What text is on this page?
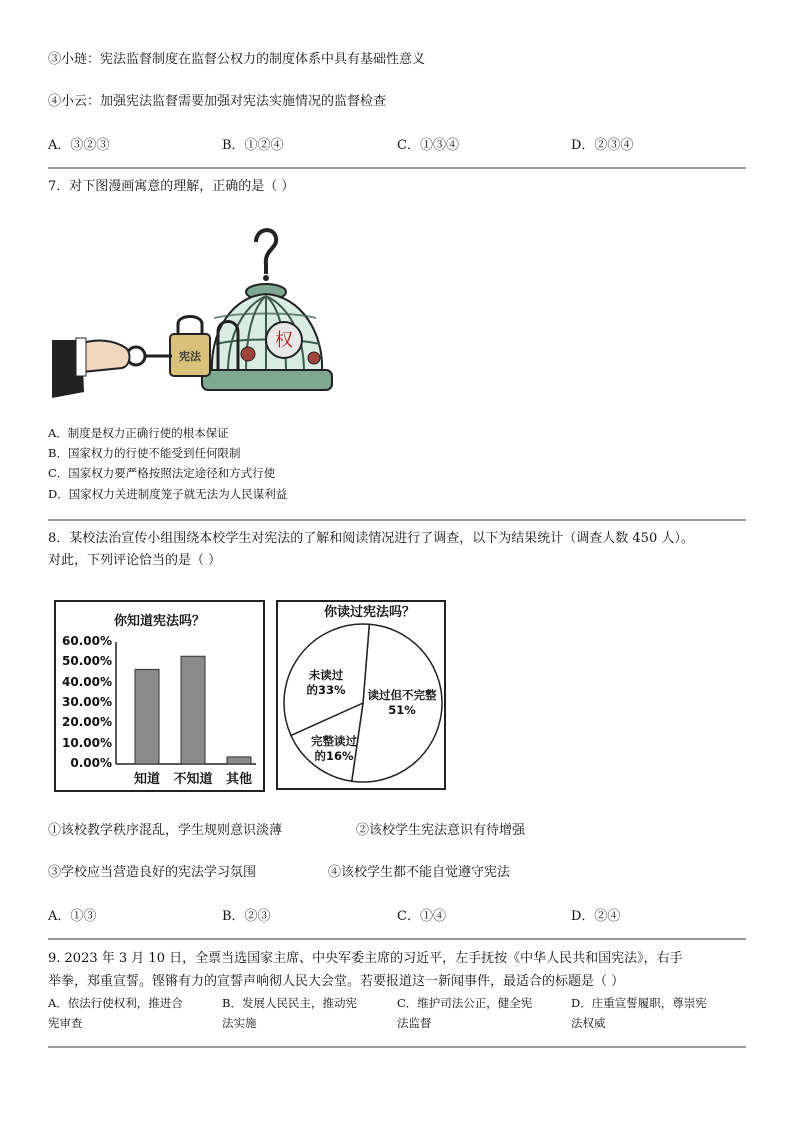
③小琏：宪法监督制度在监督公权力的制度体系中具有基础性意义
④小云：加强宪法监督需要加强对宪法实施情况的监督检查
A．③②③	B．①②④	C．①③④	D．②③④
7．对下图漫画寓意的理解，正确的是（ ）
权
宪法
A．制度是权力正确行使的根本保证
B．国家权力的行使不能受到任何限制
C．国家权力要严格按照法定途径和方式行使
D．国家权力关进制度笼子就无法为人民谋利益
8．某校法治宣传小组围绕本校学生对宪法的了解和阅读情况进行了调查，以下为结果统计（调查人数 450 人）。
对此，下列评论恰当的是（ ）
你知道宪法吗？
0.00%
10.00%
20.00%
30.00%
40.00%
50.00%
60.00%
知道	不知道	其他
你读过宪法吗？
未读过
的33%	读过但不完整
51%
完整读过
的16%
①该校教学秩序混乱，学生规则意识淡薄	②该校学生宪法意识有待增强
③学校应当营造良好的宪法学习氛围	④该校学生都不能自觉遵守宪法
A．①③	B．②③	C．①④	D．②④
9. 2023 年 3 月 10 日，全票当选国家主席、中央军委主席的习近平，左手抚按《中华人民共和国宪法》，右手
举拳，郑重宣誓。铿锵有力的宣誓声响彻人民大会堂。若要报道这一新闻事件，最适合的标题是（ ）
A．依法行使权利，推进合
宪审查
B．发展人民民主，推动宪
法实施
C．维护司法公正，健全宪
法监督
D．庄重宣誓履职，尊崇宪
法权威
